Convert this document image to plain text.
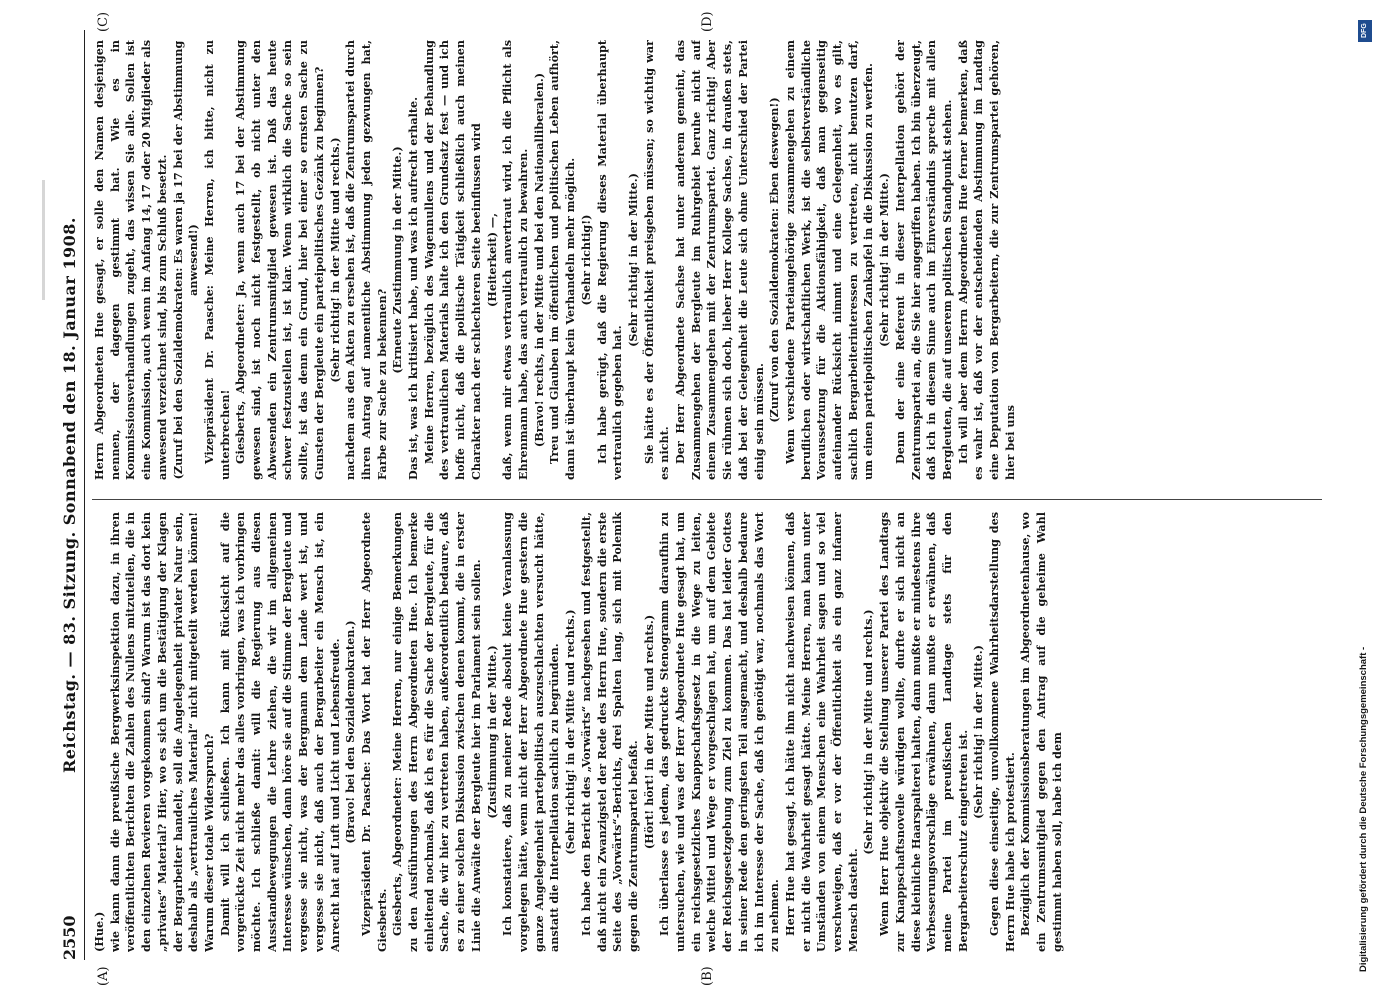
2550
Reichstag. — 83. Sitzung. Sonnabend den 18. Januar 1908.
(A)	(B)
(C)	(D)

(Hue.) wie kann dann die preußische Bergwerksinspektion dazu, in ihren veröffentlichten Berichten die Zahlen des Nullens mitzuteilen, die in den einzelnen Revieren vorgekommen sind? Warum ist das dort kein „privates“ Material? Hier, wo es sich um die Bestätigung der Klagen der Bergarbeiter handelt, soll die Angelegenheit privater Natur sein, deshalb als „vertrauliches Material“ nicht mitgeteilt werden können! Warum dieser totale Widerspruch? Damit will ich schließen. Ich kann mit Rücksicht auf die vorgerückte Zeit nicht mehr das alles vorbringen, was ich vorbringen möchte. Ich schließe damit: will die Regierung aus diesen Ausstandbewegungen die Lehre ziehen, die wir im allgemeinen Interesse wünschen, dann höre sie auf die Stimme der Bergleute und vergesse sie nicht, was der Bergmann dem Lande wert ist, und vergesse sie nicht, daß auch der Bergarbeiter ein Mensch ist, ein Anrecht hat auf Luft und Licht und Lebensfreude. (Bravo! bei den Sozialdemokraten.) Vizepräsident Dr. Paasche: Das Wort hat der Herr Abgeordnete Giesberts. Giesberts, Abgeordneter: Meine Herren, nur einige Bemerkungen zu den Ausführungen des Herrn Abgeordneten Hue. Ich bemerke einleitend nochmals, daß ich es für die Sache der Bergleute, für die Sache, die wir hier zu vertreten haben, außerordentlich bedaure, daß es zu einer solchen Diskussion zwischen denen kommt, die in erster Linie die Anwälte der Bergleute hier im Parlament sein sollen. (Zustimmung in der Mitte.) Ich konstatiere, daß zu meiner Rede absolut keine Veranlassung vorgelegen hätte, wenn nicht der Herr Abgeordnete Hue gestern die ganze Angelegenheit parteipolitisch auszuschlachten versucht hätte, anstatt die Interpellation sachlich zu begründen. (Sehr richtig! in der Mitte und rechts.) Ich habe den Bericht des „Vorwärts“ nachgesehen und festgestellt, daß nicht ein Zwanzigstel der Rede des Herrn Hue, sondern die erste Seite des „Vorwärts“-Berichts, drei Spalten lang, sich mit Polemik gegen die Zentrumspartei befaßt. (Hört! hört! in der Mitte und rechts.) Ich überlasse es jedem, das gedruckte Stenogramm daraufhin zu untersuchen, wie und was der Herr Abgeordnete Hue gesagt hat, um ein reichsgesetzliches Knappschaftsgesetz in die Wege zu leiten, welche Mittel und Wege er vorgeschlagen hat, um auf dem Gebiete der Reichsgesetzgebung zum Ziel zu kommen. Das hat leider Gottes in seiner Rede den geringsten Teil ausgemacht, und deshalb bedaure ich im Interesse der Sache, daß ich genötigt war, nochmals das Wort zu nehmen. Herr Hue hat gesagt, ich hätte ihm nicht nachweisen können, daß er nicht die Wahrheit gesagt hätte. Meine Herren, man kann unter Umständen von einem Menschen eine Wahrheit sagen und so viel verschweigen, daß er vor der Öffentlichkeit als ein ganz infamer Mensch dasteht.

(Sehr richtig! in der Mitte und rechts.) Wenn Herr Hue objektiv die Stellung unserer Partei des Landtags zur Knappschaftsnovelle würdigen wollte, durfte er sich nicht an diese kleinliche Haarspalterei halten, dann mußte er mindestens ihre Verbesserungsvorschläge erwähnen, dann mußte er erwähnen, daß meine Partei im preußischen Landtage stets für den Bergarbeiterschutz eingetreten ist. (Sehr richtig! in der Mitte.) Gegen diese einseitige, unvollkommene Wahrheitsdarstellung des Herrn Hue habe ich protestiert. Bezüglich der Kommissionsberatungen im Abgeordnetenhause, wo ein Zentrumsmitglied gegen den Antrag auf die geheime Wahl gestimmt haben soll, habe ich dem

Herrn Abgeordneten Hue gesagt, er solle den Namen desjenigen nennen, der dagegen gestimmt hat. Wie es in Kommissionsverhandlungen zugeht, das wissen Sie alle. Sollen ist eine Kommission, auch wenn im Anfang 14, 17 oder 20 Mitglieder als anwesend verzeichnet sind, bis zum Schluß besetzt. (Zuruf bei den Sozialdemokraten: Es waren ja 17 bei der Abstimmung anwesend!) Vizepräsident Dr. Paasche: Meine Herren, ich bitte, nicht zu unterbrechen! Giesberts, Abgeordneter: Ja, wenn auch 17 bei der Abstimmung gewesen sind, ist noch nicht festgestellt, ob nicht unter den Abwesenden ein Zentrumsmitglied gewesen ist. Daß das heute schwer festzustellen ist, ist klar. Wenn wirklich die Sache so sein sollte, ist das denn ein Grund, hier bei einer so ernsten Sache zu Gunsten der Bergleute ein parteipolitisches Gezänk zu beginnen? (Sehr richtig! in der Mitte und rechts.) nachdem aus den Akten zu ersehen ist, daß die Zentrumspartei durch ihren Antrag auf namentliche Abstimmung jeden gezwungen hat, Farbe zur Sache zu bekennen?

(Erneute Zustimmung in der Mitte.) Das ist, was ich kritisiert habe, und was ich aufrecht erhalte. Meine Herren, bezüglich des Wagennullens und der Behandlung des vertraulichen Materials halte ich den Grundsatz fest — und ich hoffe nicht, daß die politische Tätigkeit schließlich auch meinen Charakter nach der schlechteren Seite beeinflussen wird (Heiterkeit) —, daß, wenn mir etwas vertraulich anvertraut wird, ich die Pflicht als Ehrenmann habe, das auch vertraulich zu bewahren. (Bravo! rechts, in der Mitte und bei den Nationalliberalen.) Treu und Glauben im öffentlichen und politischen Leben aufhört, dann ist überhaupt kein Verhandeln mehr möglich. (Sehr richtig!) Ich habe gerügt, daß die Regierung dieses Material überhaupt vertraulich gegeben hat.

(Sehr richtig! in der Mitte.) Sie hätte es der Öffentlichkeit preisgeben müssen; so wichtig war es nicht. Der Herr Abgeordnete Sachse hat unter anderem gemeint, das Zusammengehen der Bergleute im Ruhrgebiet beruhe nicht auf einem Zusammengehen mit der Zentrumspartei. Ganz richtig! Aber Sie rühmen sich doch, lieber Herr Kollege Sachse, in draußen stets, daß bei der Gelegenheit die Leute sich ohne Unterschied der Partei einig sein müssen. (Zuruf von den Sozialdemokraten: Eben deswegen!) Wenn verschiedene Parteiangehörige zusammengehen zu einem beruflichen oder wirtschaftlichen Werk, ist die selbstverständliche Voraussetzung für die Aktionsfähigkeit, daß man gegenseitig aufeinander Rücksicht nimmt und eine Gelegenheit, wo es gilt, sachlich Bergarbeiterinteressen zu vertreten, nicht benutzen darf, um einen parteipolitischen Zankapfel in die Diskussion zu werfen. (Sehr richtig! in der Mitte.) Denn der eine Referent in dieser Interpellation gehört der Zentrumspartei an, die Sie hier angegriffen haben. Ich bin überzeugt, daß ich in diesem Sinne auch im Einverständnis spreche mit allen Bergleuten, die auf unserem politischen Standpunkt stehen. Ich will aber dem Herrn Abgeordneten Hue ferner bemerken, daß es wahr ist, daß vor der entscheidenden Abstimmung im Landtag eine Deputation von Bergarbeitern, die zur Zentrumspartei gehören, hier bei uns

DFG
Digitalisierung gefördert durch die Deutsche Forschungsgemeinschaft -
